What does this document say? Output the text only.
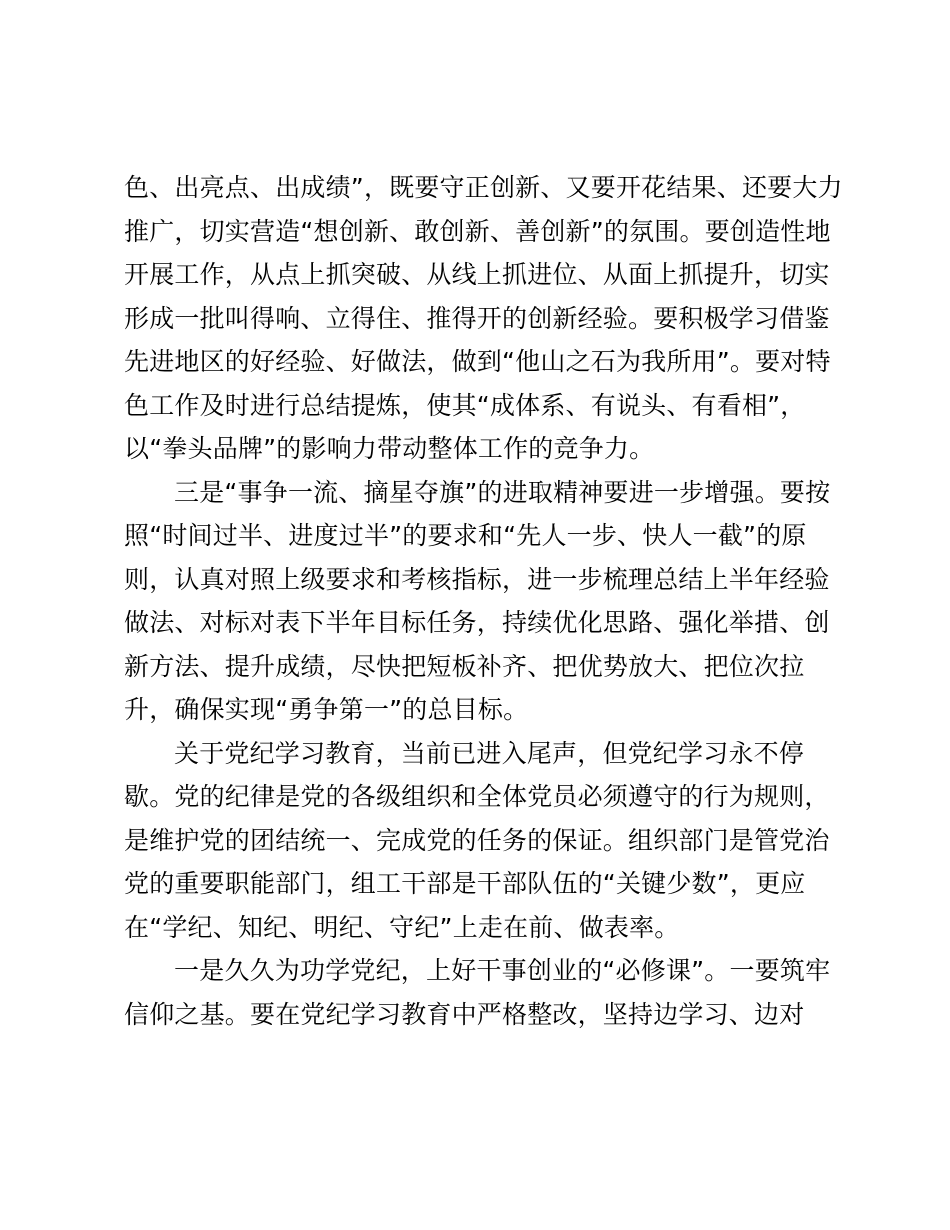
色、出亮点、出成绩”，既要守正创新、又要开花结果、还要大力
推广，切实营造“想创新、敢创新、善创新”的氛围。要创造性地
开展工作，从点上抓突破、从线上抓进位、从面上抓提升，切实
形成一批叫得响、立得住、推得开的创新经验。要积极学习借鉴
先进地区的好经验、好做法，做到“他山之石为我所用”。要对特
色工作及时进行总结提炼，使其“成体系、有说头、有看相”，
以“拳头品牌”的影响力带动整体工作的竞争力。
三是“事争一流、摘星夺旗”的进取精神要进一步增强。要按
照“时间过半、进度过半”的要求和“先人一步、快人一截”的原
则，认真对照上级要求和考核指标，进一步梳理总结上半年经验
做法、对标对表下半年目标任务，持续优化思路、强化举措、创
新方法、提升成绩，尽快把短板补齐、把优势放大、把位次拉
升，确保实现“勇争第一”的总目标。
关于党纪学习教育，当前已进入尾声，但党纪学习永不停
歇。党的纪律是党的各级组织和全体党员必须遵守的行为规则，
是维护党的团结统一、完成党的任务的保证。组织部门是管党治
党的重要职能部门，组工干部是干部队伍的“关键少数”，更应
在“学纪、知纪、明纪、守纪”上走在前、做表率。
一是久久为功学党纪，上好干事创业的“必修课”。一要筑牢
信仰之基。要在党纪学习教育中严格整改，坚持边学习、边对
